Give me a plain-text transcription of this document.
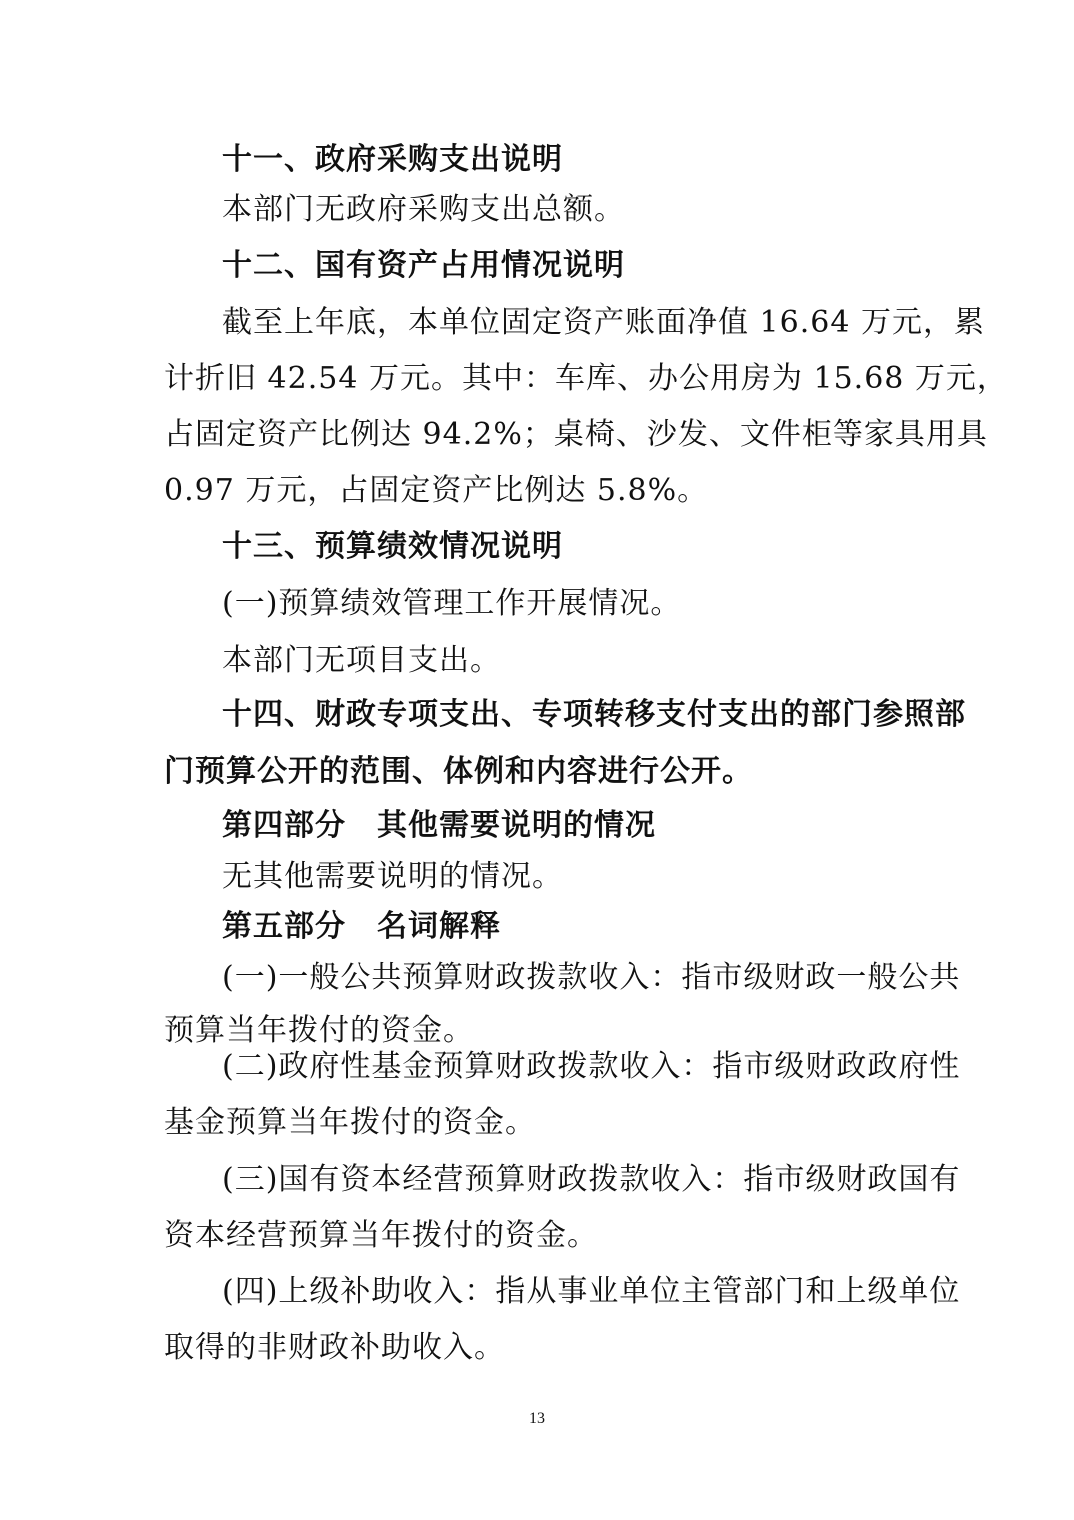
十一、政府采购支出说明
本部门无政府采购支出总额。
十二、国有资产占用情况说明
截至上年底，本单位固定资产账面净值 16.64 万元，累
计折旧 42.54 万元。其中：车库、办公用房为 15.68 万元，
占固定资产比例达 94.2%；桌椅、沙发、文件柜等家具用具
0.97 万元，占固定资产比例达 5.8%。
十三、预算绩效情况说明
(一)预算绩效管理工作开展情况。
本部门无项目支出。
十四、财政专项支出、专项转移支付支出的部门参照部
门预算公开的范围、体例和内容进行公开。
第四部分　其他需要说明的情况
无其他需要说明的情况。
第五部分　名词解释
(一)一般公共预算财政拨款收入：指市级财政一般公共
预算当年拨付的资金。
(二)政府性基金预算财政拨款收入：指市级财政政府性
基金预算当年拨付的资金。
(三)国有资本经营预算财政拨款收入：指市级财政国有
资本经营预算当年拨付的资金。
(四)上级补助收入：指从事业单位主管部门和上级单位
取得的非财政补助收入。
13
